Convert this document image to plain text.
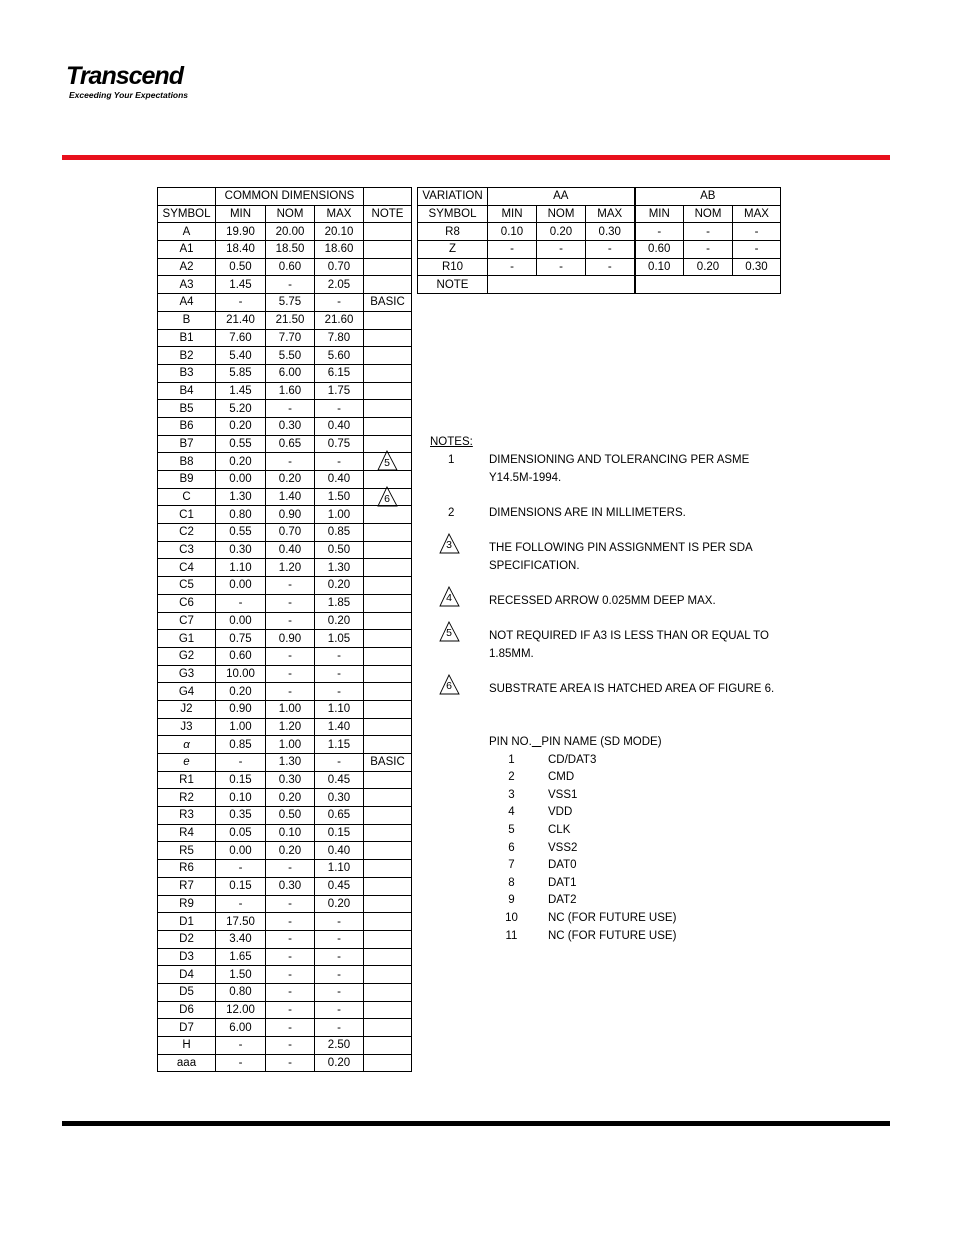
Transcend
Exceeding Your Expectations
	COMMON DIMENSIONS			
SYMBOL	MIN	NOM	MAX	NOTE
A	19.90	20.00	20.10	
A1	18.40	18.50	18.60	
A2	0.50	0.60	0.70	
A3	1.45	-	2.05	
A4	-	5.75	-	BASIC
B	21.40	21.50	21.60	
B1	7.60	7.70	7.80	
B2	5.40	5.50	5.60	
B3	5.85	6.00	6.15	
B4	1.45	1.60	1.75	
B5	5.20	-	-	
B6	0.20	0.30	0.40	
B7	0.55	0.65	0.75	
B8	0.20	-	-	5

B9	0.00	0.20	0.40	
C	1.30	1.40	1.50	6

C1	0.80	0.90	1.00	
C2	0.55	0.70	0.85	
C3	0.30	0.40	0.50	
C4	1.10	1.20	1.30	
C5	0.00	-	0.20	
C6	-	-	1.85	
C7	0.00	-	0.20	
G1	0.75	0.90	1.05	
G2	0.60	-	-	
G3	10.00	-	-	
G4	0.20	-	-	
J2	0.90	1.00	1.10	
J3	1.00	1.20	1.40	
α	0.85	1.00	1.15	
e	-	1.30	-	BASIC
R1	0.15	0.30	0.45	
R2	0.10	0.20	0.30	
R3	0.35	0.50	0.65	
R4	0.05	0.10	0.15	
R5	0.00	0.20	0.40	
R6	-	-	1.10	
R7	0.15	0.30	0.45	
R9	-	-	0.20	
D1	17.50	-	-	
D2	3.40	-	-	
D3	1.65	-	-	
D4	1.50	-	-	
D5	0.80	-	-	
D6	12.00	-	-	
D7	6.00	-	-	
H	-	-	2.50	
aaa	-	-	0.20	
VARIATION	AA			AB		
SYMBOL	MIN	NOM	MAX	MIN	NOM	MAX
R8	0.10	0.20	0.30	-	-	-
Z	-	-	-	0.60	-	-
R10	-	-	-	0.10	0.20	0.30
NOTE						
NOTES:
1	DIMENSIONING AND TOLERANCING PER ASME Y14.5M-1994.
2	DIMENSIONS ARE IN MILLIMETERS.
3	THE FOLLOWING PIN ASSIGNMENT IS PER SDA SPECIFICATION.
4	RECESSED ARROW 0.025MM DEEP MAX.
5	NOT REQUIRED IF A3 IS LESS THAN OR EQUAL TO 1.85MM.
6	SUBSTRATE AREA IS HATCHED AREA OF FIGURE 6.
PIN NO. PIN NAME (SD MODE)
1	CD/DAT3
2	CMD
3	VSS1
4	VDD
5	CLK
6	VSS2
7	DAT0
8	DAT1
9	DAT2
10	NC (FOR FUTURE USE)
11	NC (FOR FUTURE USE)
